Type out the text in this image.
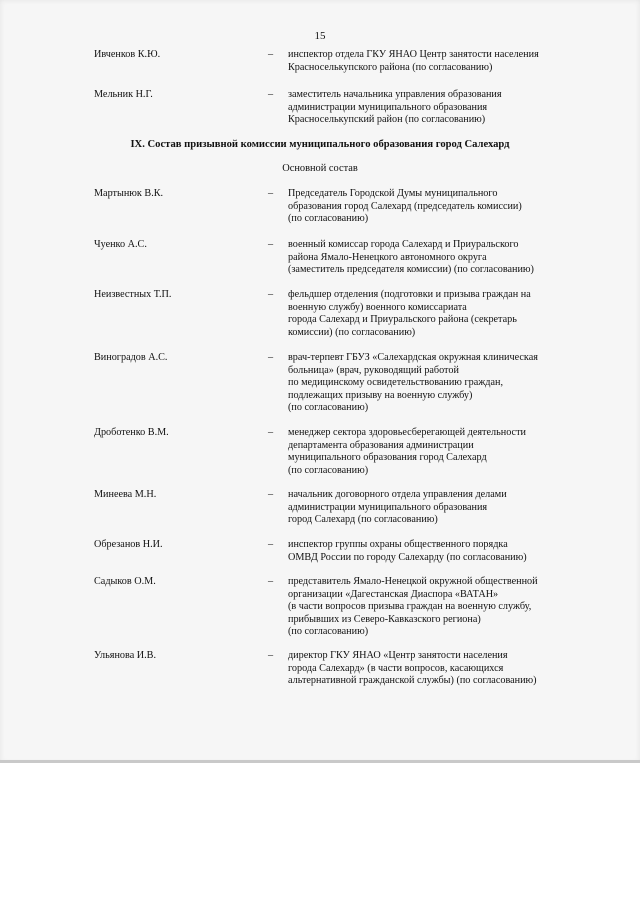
15
Ивченков К.Ю.	– инспектор отдела ГКУ ЯНАО Центр занятости населения
Красноселькупского района (по согласованию)
Мельник Н.Г.	– заместитель начальника управления образования
администрации муниципального образования
Красноселькупский район (по согласованию)
IX. Состав призывной комиссии муниципального образования город Салехард
Основной состав
Мартынюк В.К.	– Председатель Городской Думы муниципального
образования город Салехард (председатель комиссии)
(по согласованию)
Чуенко А.С.	– военный комиссар города Салехард и Приуральского
района Ямало-Ненецкого автономного округа
(заместитель председателя комиссии) (по согласованию)
Неизвестных Т.П.	– фельдшер отделения (подготовки и призыва граждан на
военную службу) военного комиссариата
города Салехард и Приуральского района (секретарь
комиссии) (по согласованию)
Виноградов А.С.	– врач-терпевт ГБУЗ «Салехардская окружная клиническая
больница» (врач, руководящий работой
по медицинскому освидетельствованию граждан,
подлежащих призыву на военную службу)
(по согласованию)
Дроботенко В.М.	– менеджер сектора здоровьесберегающей деятельности
департамента образования администрации
муниципального образования город Салехард
(по согласованию)
Минеева М.Н.	– начальник договорного отдела управления делами
администрации муниципального образования
город Салехард (по согласованию)
Обрезанов Н.И.	– инспектор группы охраны общественного порядка
ОМВД России по городу Салехарду (по согласованию)
Садыков О.М.	– представитель Ямало-Ненецкой окружной общественной
организации «Дагестанская Диаспора «ВАТАН»
(в части вопросов призыва граждан на военную службу,
прибывших из Северо-Кавказского региона)
(по согласованию)
Ульянова И.В.	– директор ГКУ ЯНАО «Центр занятости населения
города Салехард» (в части вопросов, касающихся
альтернативной гражданской службы) (по согласованию)
